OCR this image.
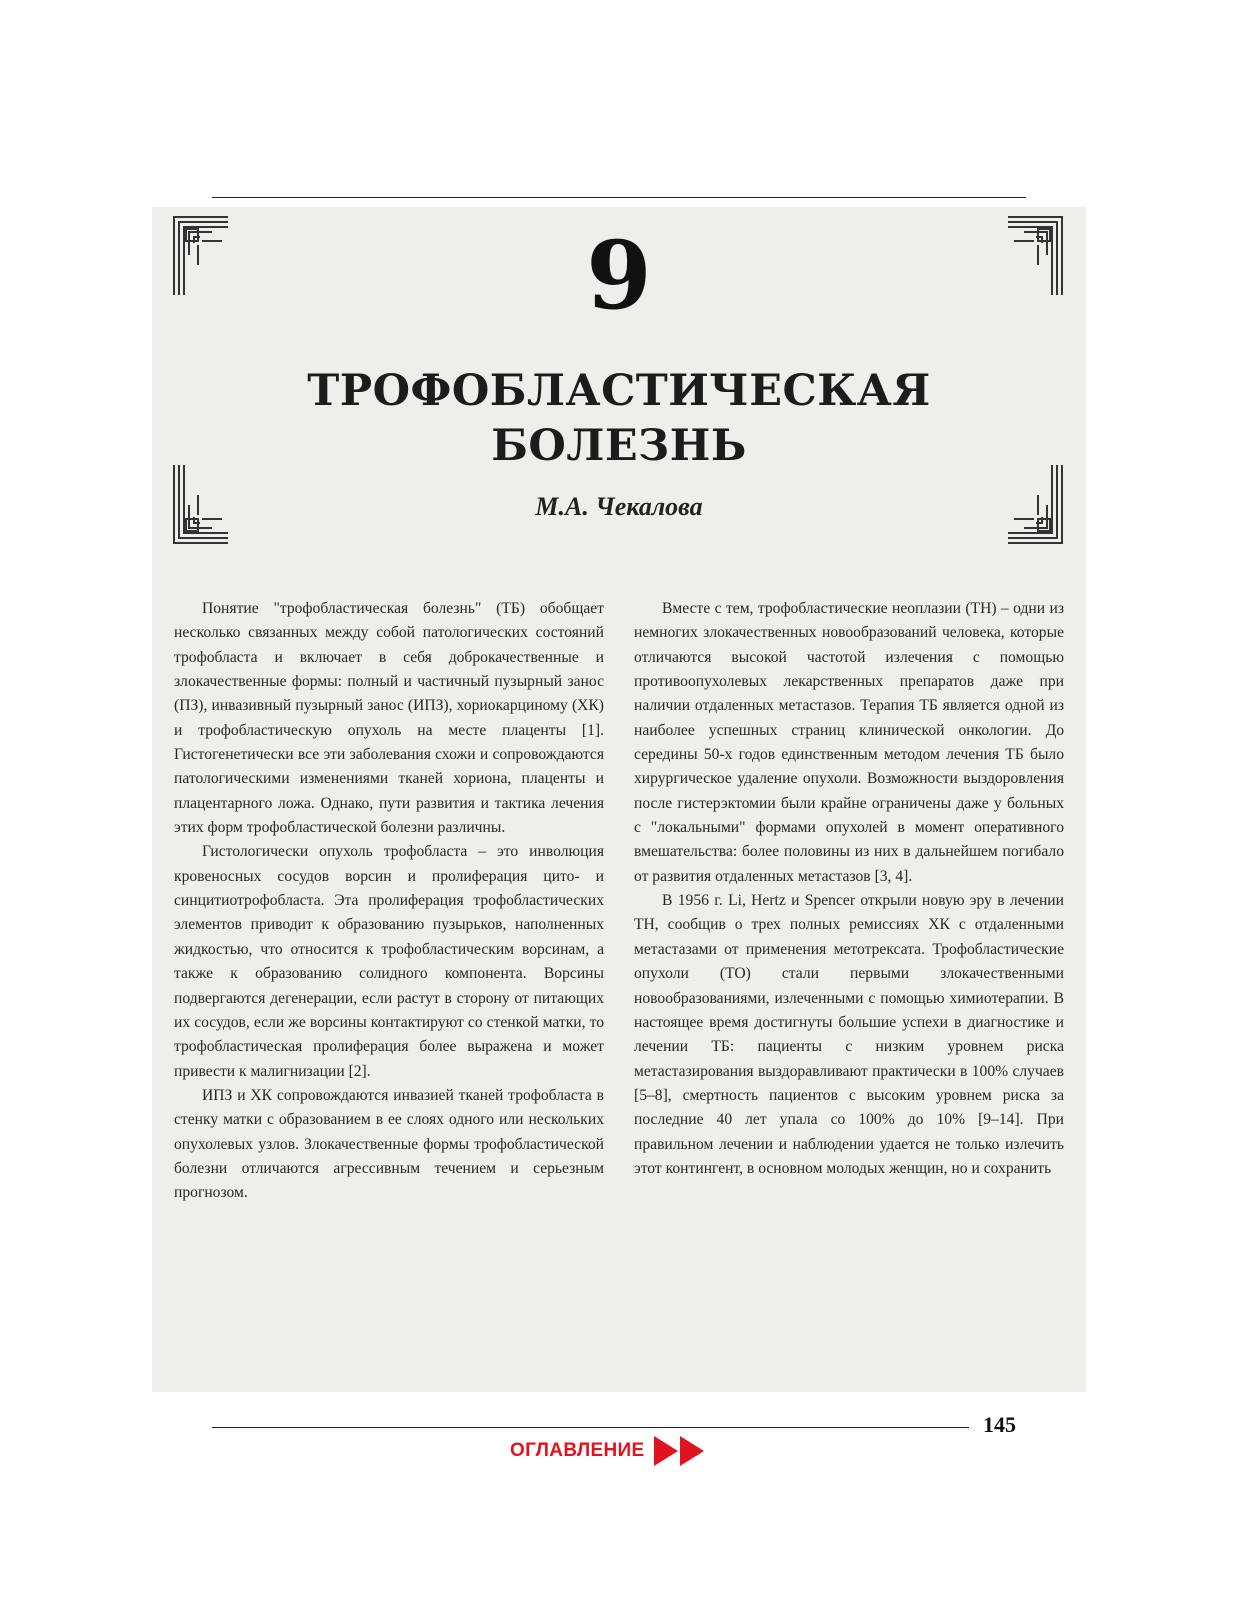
9
ТРОФОБЛАСТИЧЕСКАЯ
БОЛЕЗНЬ
М.А. Чекалова

Понятие "трофобластическая болезнь" (ТБ) обобщает несколько связанных между собой патологических состояний трофобласта и включает в себя доброкачественные и злокачественные формы: полный и частичный пузырный занос (ПЗ), инвазивный пузырный занос (ИПЗ), хориокарциному (ХК) и трофобластическую опухоль на месте плаценты [1]. Гистогенетически все эти заболевания схожи и сопровождаются патологическими изменениями тканей хориона, плаценты и плацентарного ложа. Однако, пути развития и тактика лечения этих форм трофобластической болезни различны.

Гистологически опухоль трофобласта – это инволюция кровеносных сосудов ворсин и пролиферация цито- и синцитиотрофобласта. Эта пролиферация трофобластических элементов приводит к образованию пузырьков, наполненных жидкостью, что относится к трофобластическим ворсинам, а также к образованию солидного компонента. Ворсины подвергаются дегенерации, если растут в сторону от питающих их сосудов, если же ворсины контактируют со стенкой матки, то трофобластическая пролиферация более выражена и может привести к малигнизации [2].

ИПЗ и ХК сопровождаются инвазией тканей трофобласта в стенку матки с образованием в ее слоях одного или нескольких опухолевых узлов. Злокачественные формы трофобластической болезни отличаются агрессивным течением и серьезным прогнозом.

Вместе с тем, трофобластические неоплазии (ТН) – одни из немногих злокачественных новообразований человека, которые отличаются высокой частотой излечения с помощью противоопухолевых лекарственных препаратов даже при наличии отдаленных метастазов. Терапия ТБ является одной из наиболее успешных страниц клинической онкологии. До середины 50-х годов единственным методом лечения ТБ было хирургическое удаление опухоли. Возможности выздоровления после гистерэктомии были крайне ограничены даже у больных с "локальными" формами опухолей в момент оперативного вмешательства: более половины из них в дальнейшем погибало от развития отдаленных метастазов [3, 4].

В 1956 г. Li, Hertz и Spencer открыли новую эру в лечении ТН, сообщив о трех полных ремиссиях ХК с отдаленными метастазами от применения метотрексата. Трофобластические опухоли (ТО) стали первыми злокачественными новообразованиями, излеченными с помощью химиотерапии. В настоящее время достигнуты большие успехи в диагностике и лечении ТБ: пациенты с низким уровнем риска метастазирования выздоравливают практически в 100% случаев [5–8], смертность пациентов с высоким уровнем риска за последние 40 лет упала со 100% до 10% [9–14]. При правильном лечении и наблюдении удается не только излечить этот контингент, в основном молодых женщин, но и сохранить

145
ОГЛАВЛЕНИЕ
